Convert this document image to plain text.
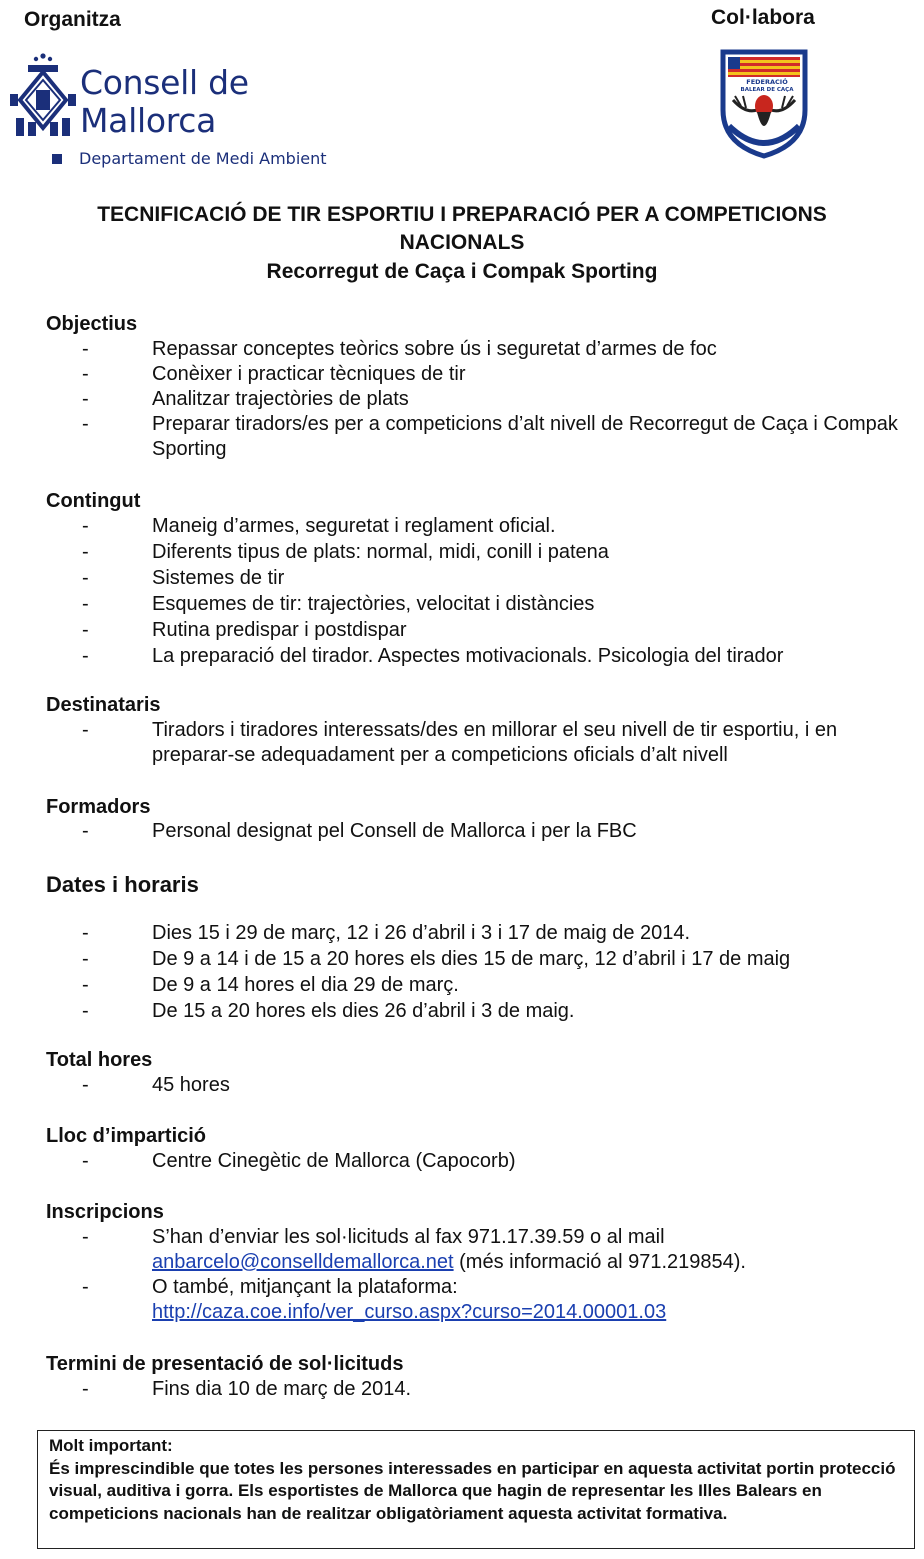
Organitza	Col·labora
Consell de
Mallorca
Departament de Medi Ambient
FEDERACIÓ
BALEAR DE CAÇA
TECNIFICACIÓ DE TIR ESPORTIU I PREPARACIÓ PER A COMPETICIONS
NACIONALS
Recorregut de Caça i Compak Sporting
Objectius
-	Repassar conceptes teòrics sobre ús i seguretat d’armes de foc
-	Conèixer i practicar tècniques de tir
-	Analitzar trajectòries de plats
-	Preparar tiradors/es per a competicions d’alt nivell de Recorregut de Caça i Compak Sporting
Contingut
-	Maneig d’armes, seguretat i reglament oficial.
-	Diferents tipus de plats: normal, midi, conill i patena
-	Sistemes de tir
-	Esquemes de tir: trajectòries, velocitat i distàncies
-	Rutina predispar i postdispar
-	La preparació del tirador. Aspectes motivacionals. Psicologia del tirador
Destinataris
-	Tiradors i tiradores interessats/des en millorar el seu nivell de tir esportiu, i en preparar-se adequadament per a competicions oficials d’alt nivell
Formadors
-	Personal designat pel Consell de Mallorca i per la FBC
Dates i horaris
-	Dies 15 i 29 de març, 12 i 26 d’abril i 3 i 17 de maig de 2014.
-	De 9 a 14 i de 15 a 20 hores els dies 15 de març, 12 d’abril i 17 de maig
-	De 9 a 14 hores el dia 29 de març.
-	De 15 a 20 hores els dies 26 d’abril i 3 de maig.
Total hores
-	45 hores
Lloc d’impartició
-	Centre Cinegètic de Mallorca (Capocorb)
Inscripcions
-	S’han d’enviar les sol·licituds al fax 971.17.39.59 o al mail
anbarcelo@conselldemallorca.net (més informació al 971.219854).
-	O també, mitjançant la plataforma:
http://caza.coe.info/ver_curso.aspx?curso=2014.00001.03
Termini de presentació de sol·licituds
-	Fins dia 10 de març de 2014.
Molt important:
És imprescindible que totes les persones interessades en participar en aquesta activitat portin protecció visual, auditiva i gorra. Els esportistes de Mallorca que hagin de representar les Illes Balears en competicions nacionals han de realitzar obligatòriament aquesta activitat formativa.
